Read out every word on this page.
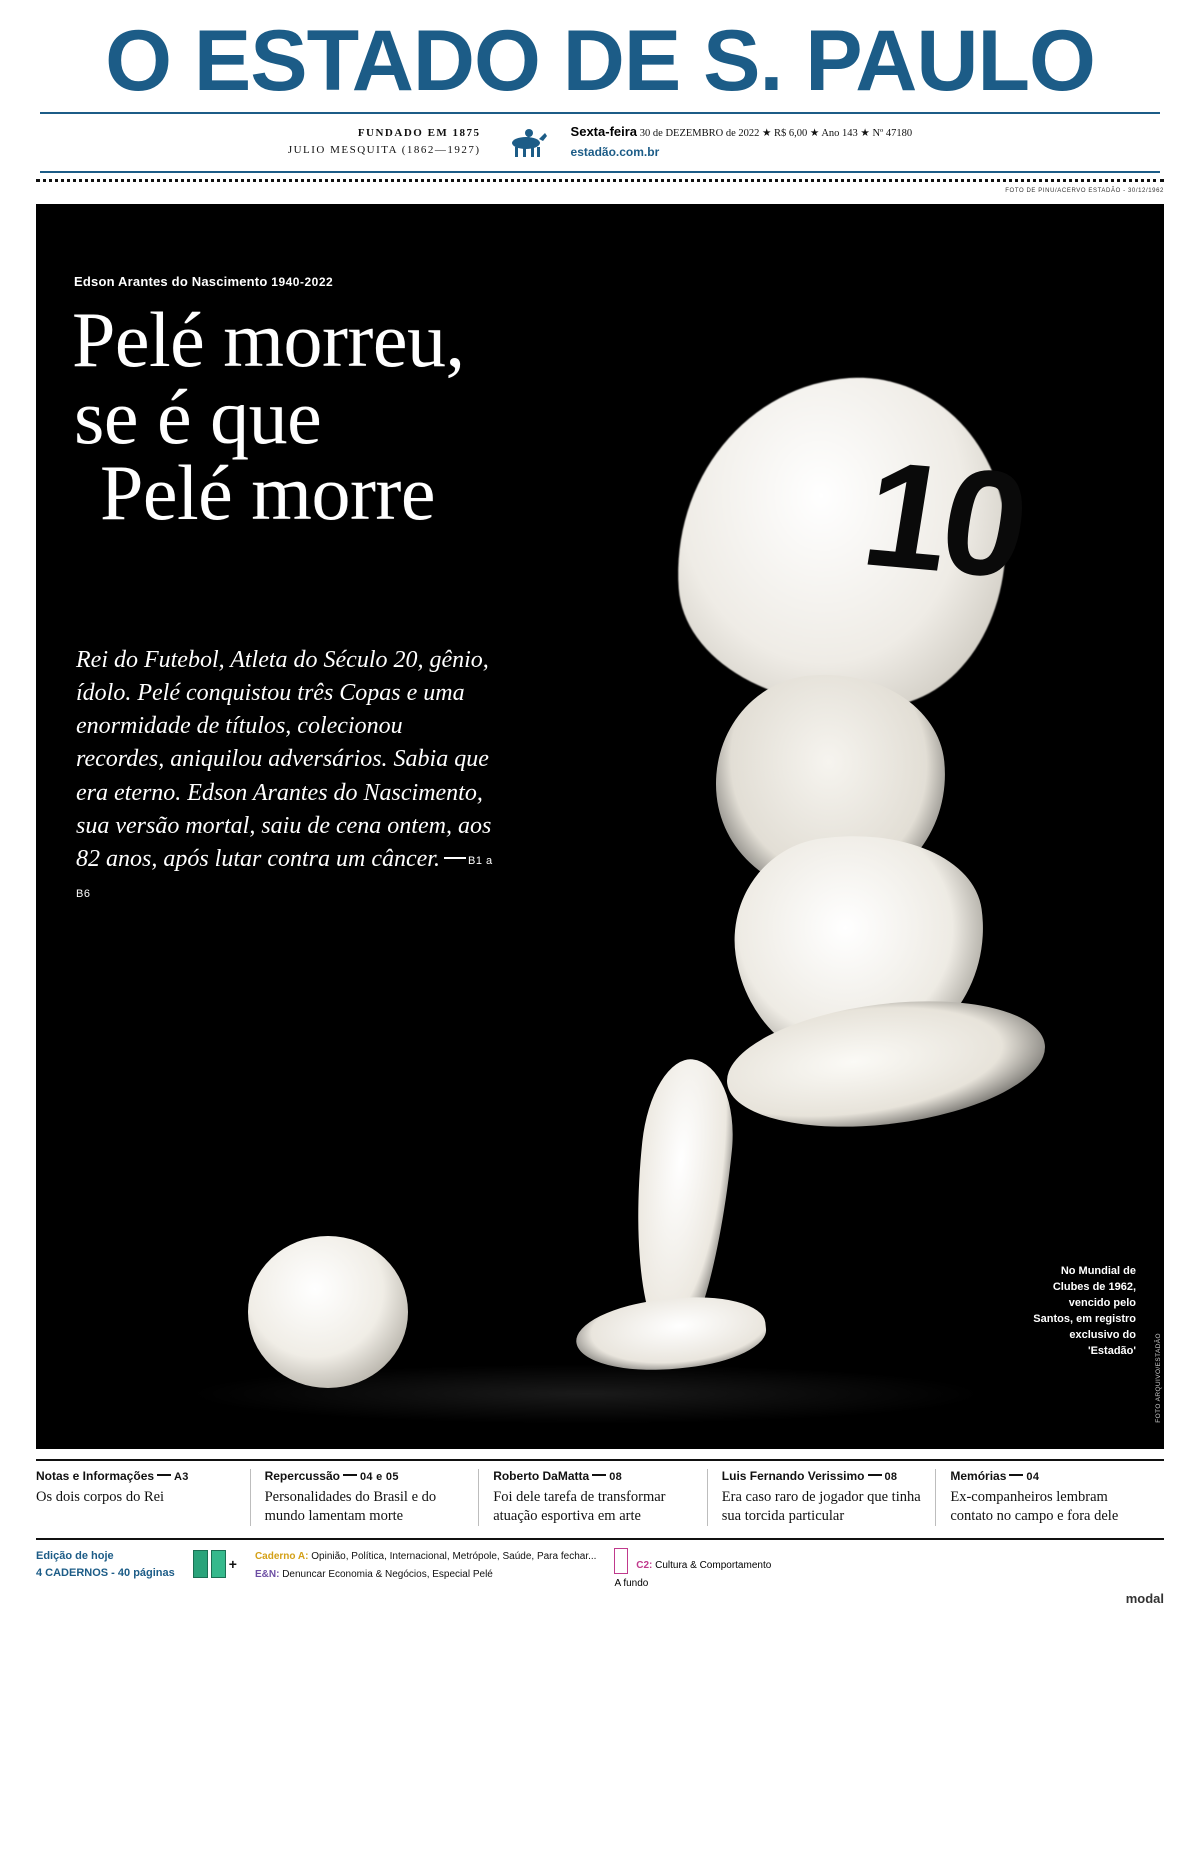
O ESTADO DE S. PAULO
FUNDADO EM 1875
JULIO MESQUITA (1862—1927)
Sexta-feira 30 de DEZEMBRO de 2022 ★ R$ 6,00 ★ Ano 143 ★ Nº 47180
estadão.com.br
FOTO DE PINU/ACERVO ESTADÃO - 30/12/1962
10
Edson Arantes do Nascimento 1940-2022
Pelé morreu,
se é que
Pelé morre
Rei do Futebol, Atleta do Século 20, gênio, ídolo. Pelé conquistou três Copas e uma enormidade de títulos, colecionou recordes, aniquilou adversários. Sabia que era eterno. Edson Arantes do Nascimento, sua versão mortal, saiu de cena ontem, aos 82 anos, após lutar contra um câncer.	B1 a B6
No Mundial de Clubes de 1962, vencido pelo Santos, em registro exclusivo do 'Estadão'	FOTO ARQUIVO/ESTADÃO
Notas e Informações A3
Os dois corpos do Rei
Repercussão 04 e 05
Personalidades do Brasil e do mundo lamentam morte
Roberto DaMatta 08
Foi dele tarefa de transformar atuação esportiva em arte
Luis Fernando Verissimo 08
Era caso raro de jogador que tinha sua torcida particular
Memórias 04
Ex-companheiros lembram contato no campo e fora dele
Edição de hoje
4 CADERNOS - 40 páginas
+ Caderno A: Opinião, Política, Internacional, Metrópole, Saúde, Para fechar...
E&N: Denuncar Economia & Negócios, Especial Pelé
C2: Cultura & Comportamento
A fundo
modal
